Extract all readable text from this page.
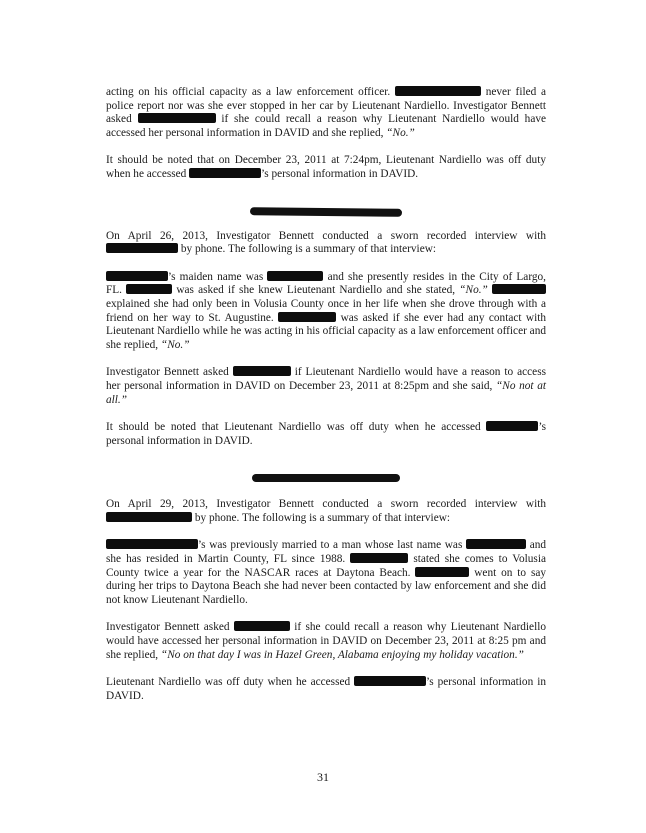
acting on his official capacity as a law enforcement officer.	never filed a police report nor was she ever stopped in her car by Lieutenant Nardiello. Investigator Bennett asked	if she could recall a reason why Lieutenant Nardiello would have accessed her personal information in DAVID and she replied, “No.”

It should be noted that on December 23, 2011 at 7:24pm, Lieutenant Nardiello was off duty when he accessed	’s personal information in DAVID.

On April 26, 2013, Investigator Bennett conducted a sworn recorded interview with  by phone. The following is a summary of that interview:

’s maiden name was	and she presently resides in the City of Largo, FL.	was asked if she knew Lieutenant Nardiello and she stated, “No.”  explained she had only been in Volusia County once in her life when she drove through with a friend on her way to St. Augustine.	was asked if she ever had any contact with Lieutenant Nardiello while he was acting in his official capacity as a law enforcement officer and she replied, “No.”

Investigator Bennett asked	if Lieutenant Nardiello would have a reason to access her personal information in DAVID on December 23, 2011 at 8:25pm and she said, “No not at all.”

It should be noted that Lieutenant Nardiello was off duty when he accessed	’s personal information in DAVID.

On April 29, 2013, Investigator Bennett conducted a sworn recorded interview with  by phone. The following is a summary of that interview:

’s was previously married to a man whose last name was	and she has resided in Martin County, FL since 1988.	stated she comes to Volusia County twice a year for the NASCAR races at Daytona Beach.	went on to say during her trips to Daytona Beach she had never been contacted by law enforcement and she did not know Lieutenant Nardiello.

Investigator Bennett asked	if she could recall a reason why Lieutenant Nardiello would have accessed her personal information in DAVID on December 23, 2011 at 8:25 pm and she replied, “No on that day I was in Hazel Green, Alabama enjoying my holiday vacation.”

Lieutenant Nardiello was off duty when he accessed	’s personal information in DAVID.

31
